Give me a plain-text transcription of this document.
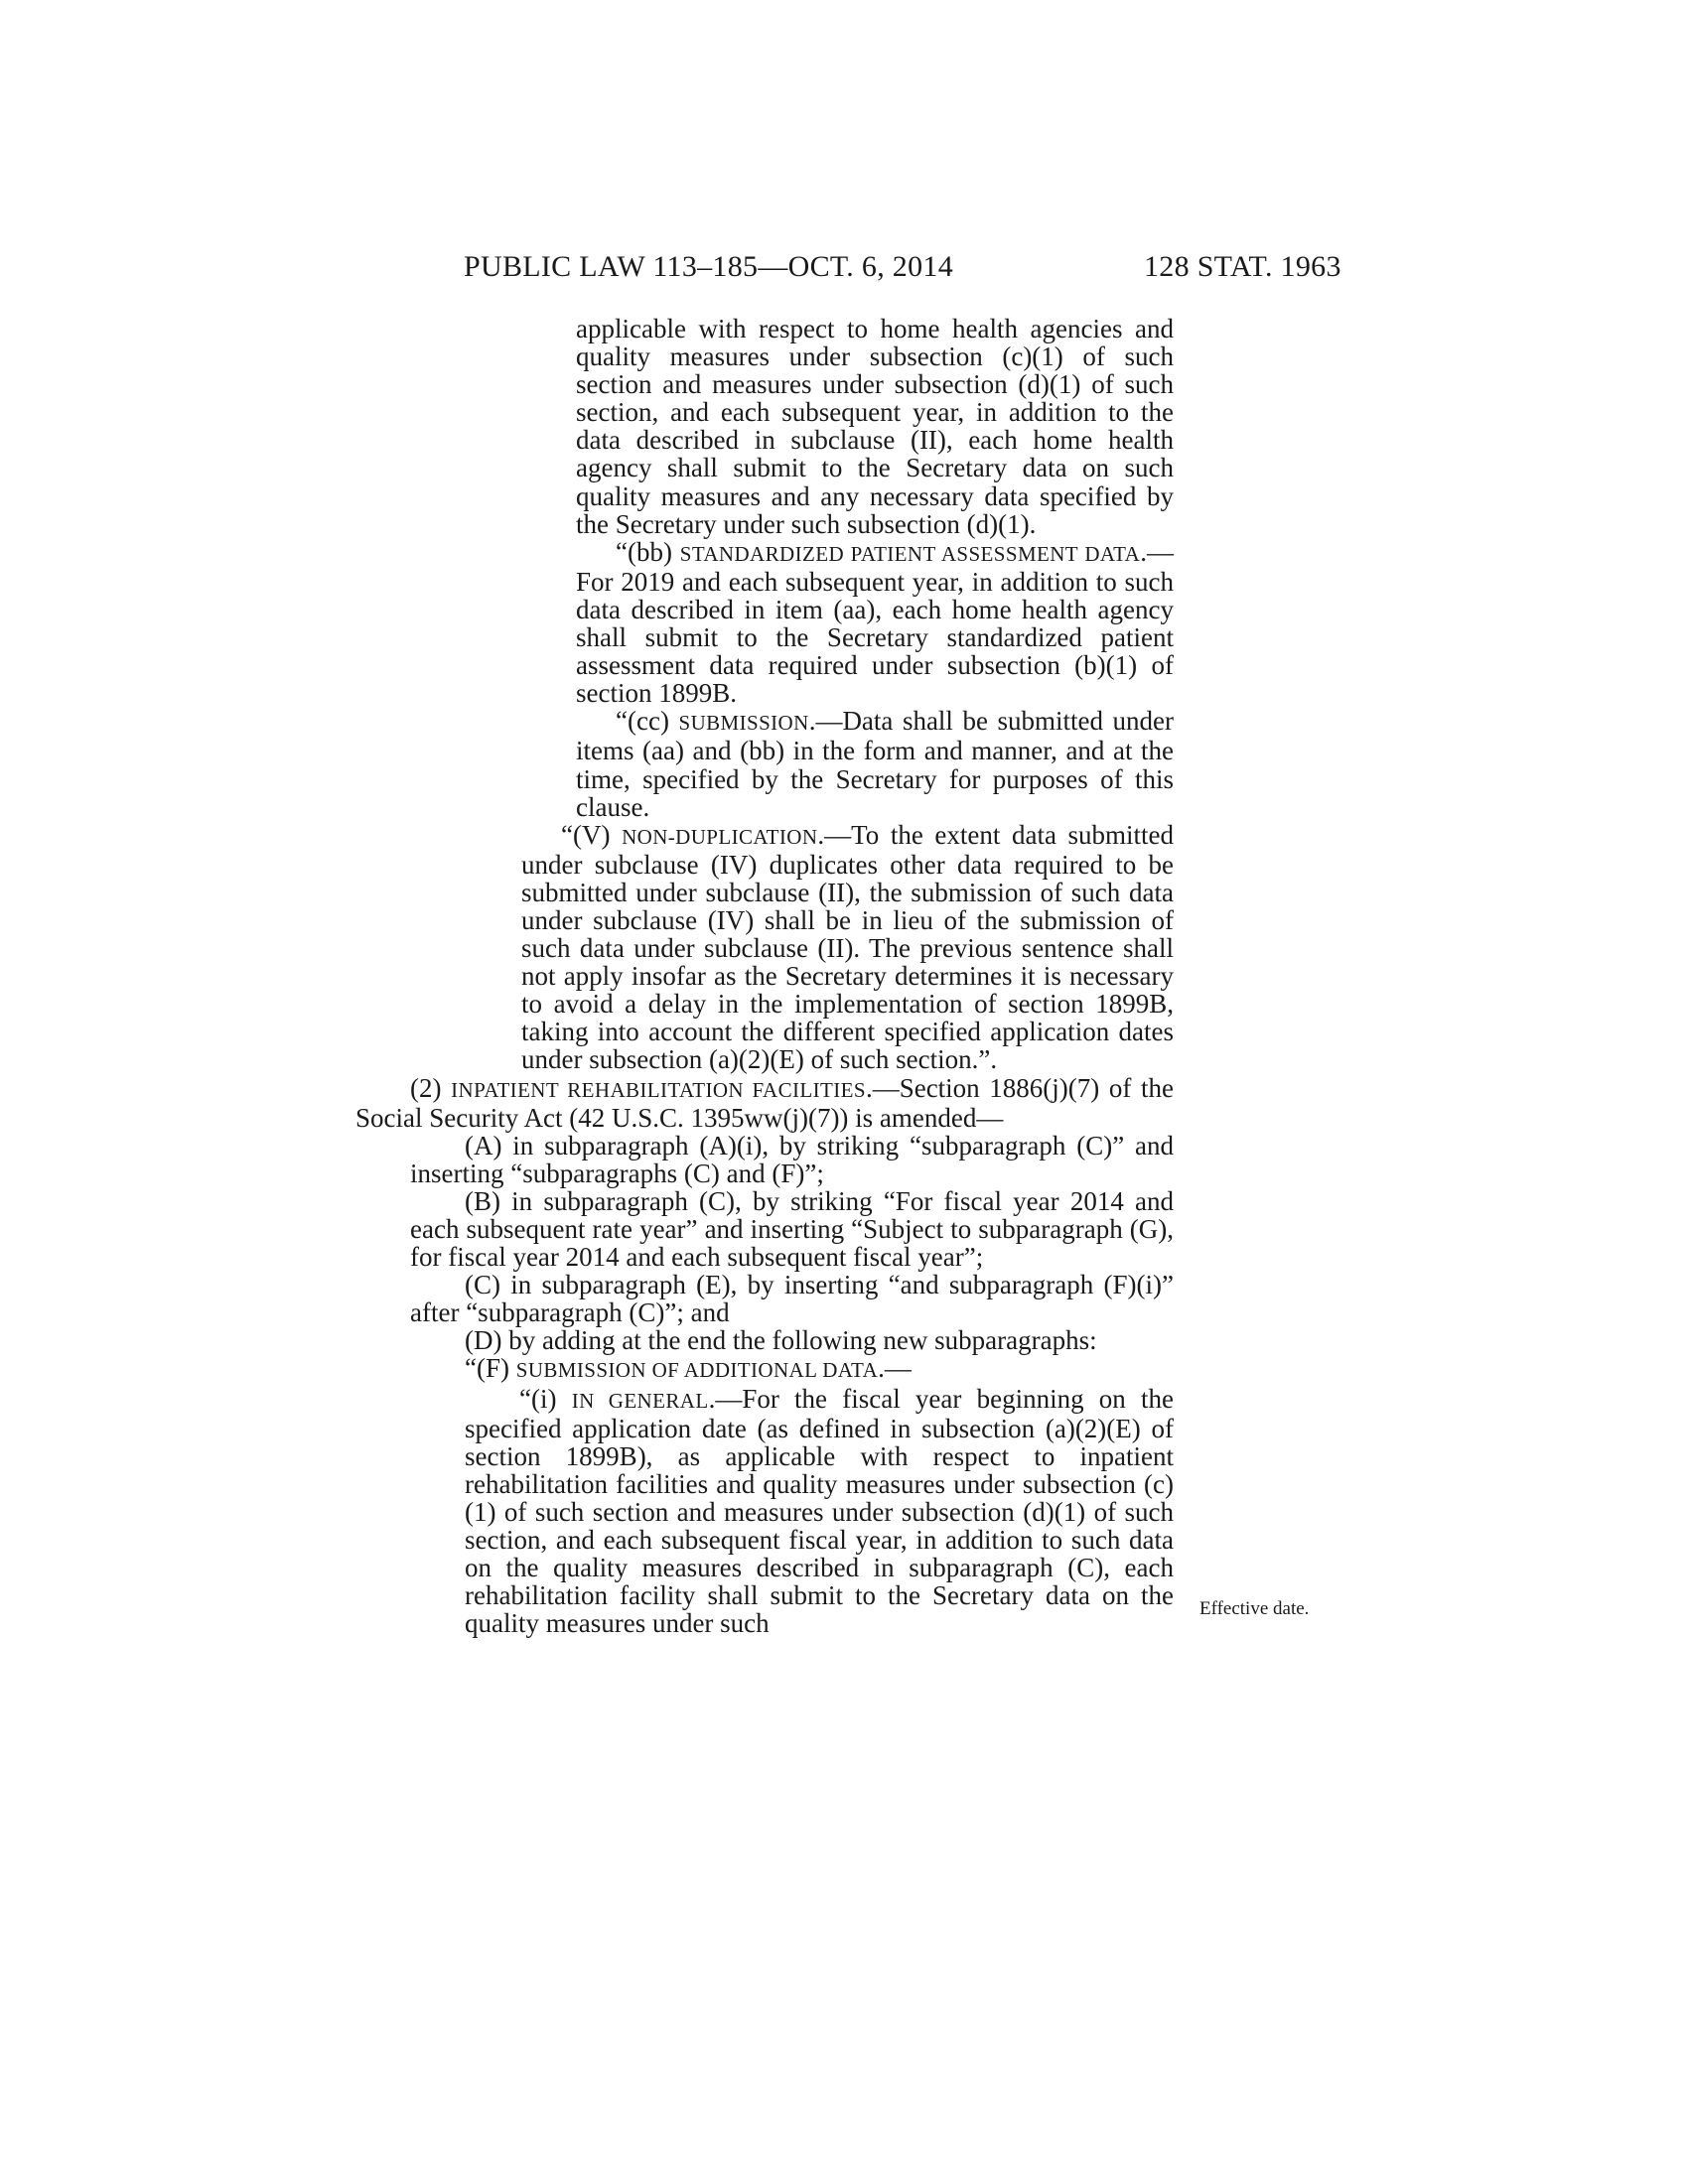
PUBLIC LAW 113–185—OCT. 6, 2014	128 STAT. 1963

applicable with respect to home health agencies and quality measures under subsection (c)(1) of such section and measures under subsection (d)(1) of such section, and each subsequent year, in addition to the data described in subclause (II), each home health agency shall submit to the Secretary data on such quality measures and any necessary data specified by the Secretary under such subsection (d)(1).

“(bb) STANDARDIZED PATIENT ASSESSMENT DATA.—For 2019 and each subsequent year, in addition to such data described in item (aa), each home health agency shall submit to the Secretary standardized patient assessment data required under subsection (b)(1) of section 1899B.

“(cc) SUBMISSION.—Data shall be submitted under items (aa) and (bb) in the form and manner, and at the time, specified by the Secretary for purposes of this clause.

“(V) NON-DUPLICATION.—To the extent data submitted under subclause (IV) duplicates other data required to be submitted under subclause (II), the submission of such data under subclause (IV) shall be in lieu of the submission of such data under subclause (II). The previous sentence shall not apply insofar as the Secretary determines it is necessary to avoid a delay in the implementation of section 1899B, taking into account the different specified application dates under subsection (a)(2)(E) of such section.”.

(2) INPATIENT REHABILITATION FACILITIES.—Section 1886(j)(7) of the Social Security Act (42 U.S.C. 1395ww(j)(7)) is amended—

(A) in subparagraph (A)(i), by striking “subparagraph (C)” and inserting “subparagraphs (C) and (F)”;

(B) in subparagraph (C), by striking “For fiscal year 2014 and each subsequent rate year” and inserting “Subject to subparagraph (G), for fiscal year 2014 and each subsequent fiscal year”;

(C) in subparagraph (E), by inserting “and subparagraph (F)(i)” after “subparagraph (C)”; and

(D) by adding at the end the following new subparagraphs:

“(F) SUBMISSION OF ADDITIONAL DATA.—

“(i) IN GENERAL.—For the fiscal year beginning on the specified application date (as defined in subsection (a)(2)(E) of section 1899B), as applicable with respect to inpatient rehabilitation facilities and quality measures under subsection (c)(1) of such section and measures under subsection (d)(1) of such section, and each subsequent fiscal year, in addition to such data on the quality measures described in subparagraph (C), each rehabilitation facility shall submit to the Secretary data on the quality measures under such	Effective date.
